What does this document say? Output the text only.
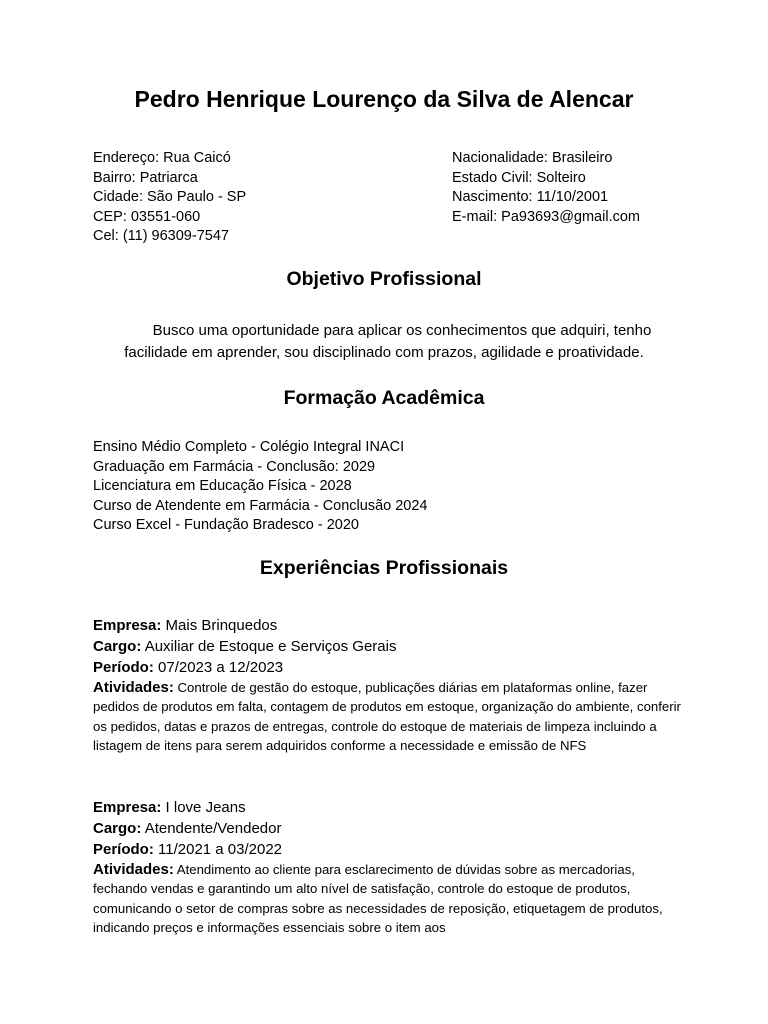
Pedro Henrique Lourenço da Silva de Alencar
Endereço: Rua Caicó
Bairro: Patriarca
Cidade: São Paulo - SP
CEP: 03551-060
Cel: (11) 96309-7547
Nacionalidade: Brasileiro
Estado Civil: Solteiro
Nascimento: 11/10/2001
E-mail: Pa93693@gmail.com
Objetivo Profissional

Busco uma oportunidade para aplicar os conhecimentos que adquiri, tenho facilidade em aprender, sou disciplinado com prazos, agilidade e proatividade.

Formação Acadêmica
Ensino Médio Completo - Colégio Integral INACI
Graduação em Farmácia - Conclusão: 2029
Licenciatura em Educação Física - 2028
Curso de Atendente em Farmácia - Conclusão 2024
Curso Excel - Fundação Bradesco - 2020
Experiências Profissionais
Empresa: Mais Brinquedos
Cargo: Auxiliar de Estoque e Serviços Gerais
Período: 07/2023 a 12/2023
Atividades: Controle de gestão do estoque, publicações diárias em plataformas online, fazer pedidos de produtos em falta, contagem de produtos em estoque, organização do ambiente, conferir os pedidos, datas e prazos de entregas, controle do estoque de materiais de limpeza incluindo a listagem de itens para serem adquiridos conforme a necessidade e emissão de NFS
Empresa: I love Jeans
Cargo: Atendente/Vendedor
Período: 11/2021 a 03/2022
Atividades: Atendimento ao cliente para esclarecimento de dúvidas sobre as mercadorias, fechando vendas e garantindo um alto nível de satisfação, controle do estoque de produtos, comunicando o setor de compras sobre as necessidades de reposição, etiquetagem de produtos, indicando preços e informações essenciais sobre o item aos
